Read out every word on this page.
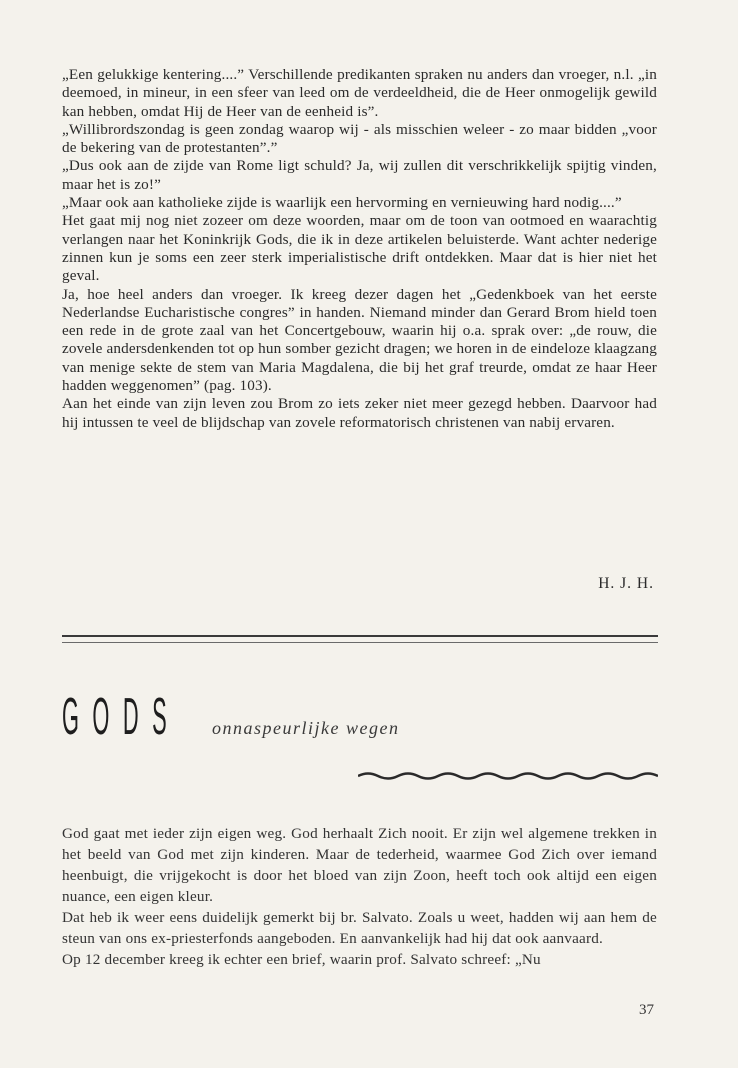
„Een gelukkige kentering....” Verschillende predikanten spraken nu anders dan vroeger, n.l. „in deemoed, in mineur, in een sfeer van leed om de verdeeldheid, die de Heer onmogelijk gewild kan hebben, omdat Hij de Heer van de eenheid is”.

„Willibrordszondag is geen zondag waarop wij - als misschien weleer - zo maar bidden „voor de bekering van de protestanten”.”

„Dus ook aan de zijde van Rome ligt schuld? Ja, wij zullen dit verschrikkelijk spijtig vinden, maar het is zo!”

„Maar ook aan katholieke zijde is waarlijk een hervorming en vernieuwing hard nodig....”

Het gaat mij nog niet zozeer om deze woorden, maar om de toon van ootmoed en waarachtig verlangen naar het Koninkrijk Gods, die ik in deze artikelen beluisterde. Want achter nederige zinnen kun je soms een zeer sterk imperialistische drift ontdekken. Maar dat is hier niet het geval.

Ja, hoe heel anders dan vroeger. Ik kreeg dezer dagen het „Gedenkboek van het eerste Nederlandse Eucharistische congres” in handen. Niemand minder dan Gerard Brom hield toen een rede in de grote zaal van het Concertgebouw, waarin hij o.a. sprak over: „de rouw, die zovele andersdenkenden tot op hun somber gezicht dragen; we horen in de eindeloze klaagzang van menige sekte de stem van Maria Magdalena, die bij het graf treurde, omdat ze haar Heer hadden weggenomen” (pag. 103).

Aan het einde van zijn leven zou Brom zo iets zeker niet meer gezegd hebben. Daarvoor had hij intussen te veel de blijdschap van zovele reformatorisch christenen van nabij ervaren.

H. J. H.
GODS onnaspeurlijke wegen

God gaat met ieder zijn eigen weg. God herhaalt Zich nooit. Er zijn wel algemene trekken in het beeld van God met zijn kinderen. Maar de tederheid, waarmee God Zich over iemand heenbuigt, die vrijgekocht is door het bloed van zijn Zoon, heeft toch ook altijd een eigen nuance, een eigen kleur.

Dat heb ik weer eens duidelijk gemerkt bij br. Salvato. Zoals u weet, hadden wij aan hem de steun van ons ex-priesterfonds aangeboden. En aanvankelijk had hij dat ook aanvaard.

Op 12 december kreeg ik echter een brief, waarin prof. Salvato schreef: „Nu

37
